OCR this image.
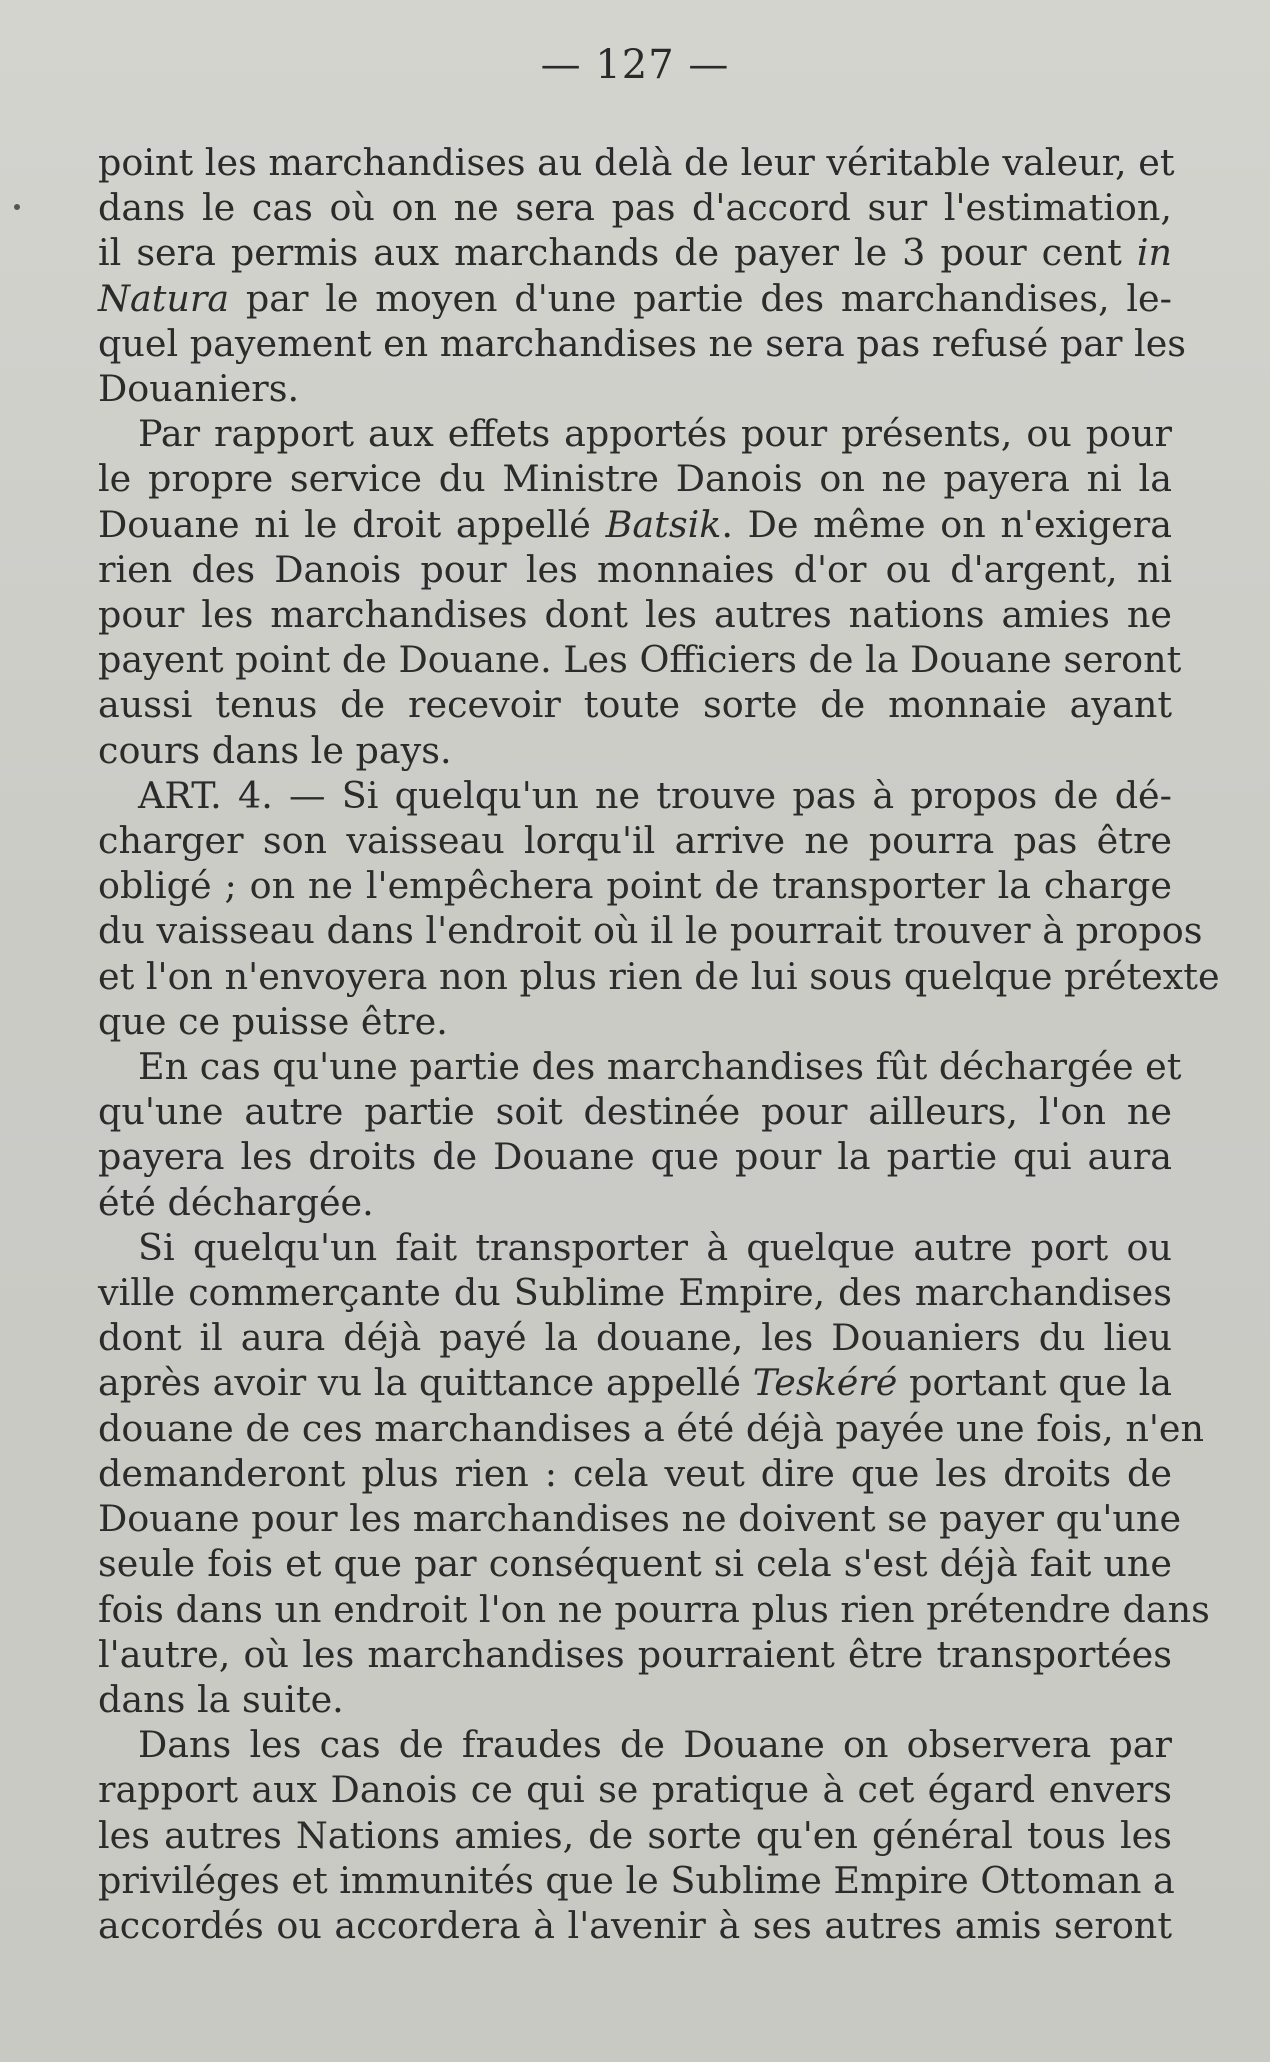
— 127 —

point les marchandises au delà de leur véritable valeur, et
dans le cas où on ne sera pas d'accord sur l'estimation,
il sera permis aux marchands de payer le 3 pour cent in
Natura par le moyen d'une partie des marchandises, le-
quel payement en marchandises ne sera pas refusé par les
Douaniers.

Par rapport aux effets apportés pour présents, ou pour
le propre service du Ministre Danois on ne payera ni la
Douane ni le droit appellé Batsik. De même on n'exigera
rien des Danois pour les monnaies d'or ou d'argent, ni
pour les marchandises dont les autres nations amies ne
payent point de Douane. Les Officiers de la Douane seront
aussi tenus de recevoir toute sorte de monnaie ayant
cours dans le pays.

ART. 4. — Si quelqu'un ne trouve pas à propos de dé-
charger son vaisseau lorqu'il arrive ne pourra pas être
obligé ; on ne l'empêchera point de transporter la charge
du vaisseau dans l'endroit où il le pourrait trouver à propos
et l'on n'envoyera non plus rien de lui sous quelque prétexte
que ce puisse être.

En cas qu'une partie des marchandises fût déchargée et
qu'une autre partie soit destinée pour ailleurs, l'on ne
payera les droits de Douane que pour la partie qui aura
été déchargée.

Si quelqu'un fait transporter à quelque autre port ou
ville commerçante du Sublime Empire, des marchandises
dont il aura déjà payé la douane, les Douaniers du lieu
après avoir vu la quittance appellé Teskéré portant que la
douane de ces marchandises a été déjà payée une fois, n'en
demanderont plus rien : cela veut dire que les droits de
Douane pour les marchandises ne doivent se payer qu'une
seule fois et que par conséquent si cela s'est déjà fait une
fois dans un endroit l'on ne pourra plus rien prétendre dans
l'autre, où les marchandises pourraient être transportées
dans la suite.

Dans les cas de fraudes de Douane on observera par
rapport aux Danois ce qui se pratique à cet égard envers
les autres Nations amies, de sorte qu'en général tous les
priviléges et immunités que le Sublime Empire Ottoman a
accordés ou accordera à l'avenir à ses autres amis seront
